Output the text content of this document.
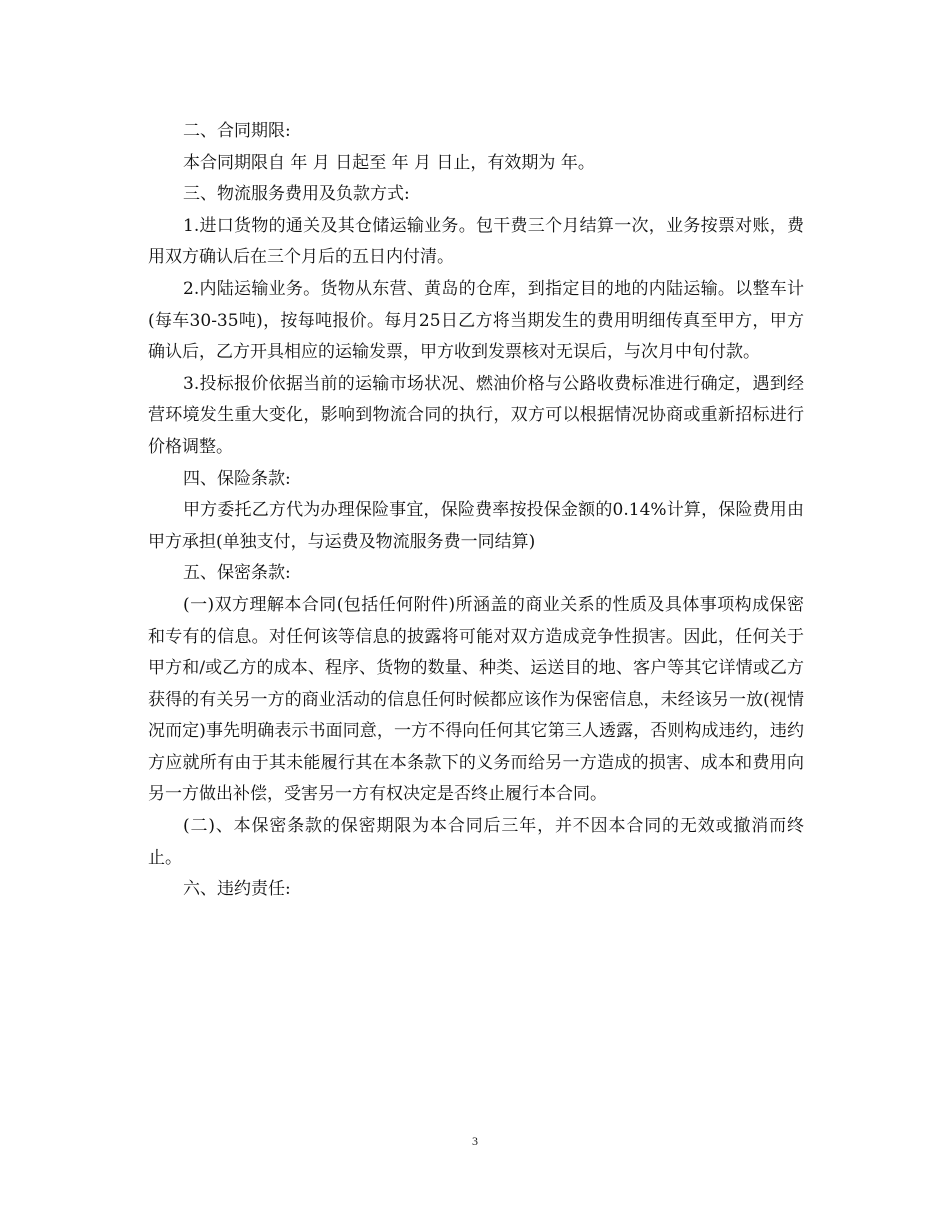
二、合同期限:

本合同期限自 年 月 日起至 年 月 日止，有效期为 年。

三、物流服务费用及负款方式:

1.进口货物的通关及其仓储运输业务。包干费三个月结算一次，业务按票对账，费用双方确认后在三个月后的五日内付清。

2.内陆运输业务。货物从东营、黄岛的仓库，到指定目的地的内陆运输。以整车计(每车30-35吨)，按每吨报价。每月25日乙方将当期发生的费用明细传真至甲方，甲方确认后，乙方开具相应的运输发票，甲方收到发票核对无误后，与次月中旬付款。

3.投标报价依据当前的运输市场状况、燃油价格与公路收费标准进行确定，遇到经营环境发生重大变化，影响到物流合同的执行，双方可以根据情况协商或重新招标进行价格调整。

四、保险条款:

甲方委托乙方代为办理保险事宜，保险费率按投保金额的0.14%计算，保险费用由甲方承担(单独支付，与运费及物流服务费一同结算)

五、保密条款:

(一)双方理解本合同(包括任何附件)所涵盖的商业关系的性质及具体事项构成保密和专有的信息。对任何该等信息的披露将可能对双方造成竞争性损害。因此，任何关于甲方和/或乙方的成本、程序、货物的数量、种类、运送目的地、客户等其它详情或乙方获得的有关另一方的商业活动的信息任何时候都应该作为保密信息，未经该另一放(视情况而定)事先明确表示书面同意，一方不得向任何其它第三人透露，否则构成违约，违约方应就所有由于其未能履行其在本条款下的义务而给另一方造成的损害、成本和费用向另一方做出补偿，受害另一方有权决定是否终止履行本合同。

(二)、本保密条款的保密期限为本合同后三年，并不因本合同的无效或撤消而终止。

六、违约责任:

3
